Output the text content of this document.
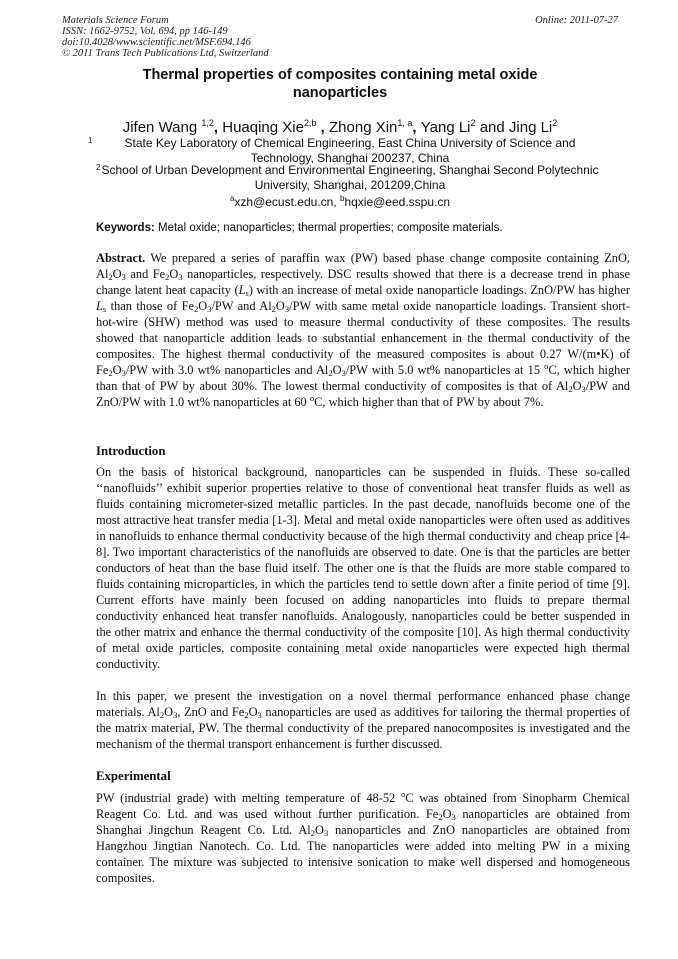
Materials Science Forum
ISSN: 1662-9752, Vol. 694, pp 146-149
doi:10.4028/www.scientific.net/MSF.694.146
© 2011 Trans Tech Publications Ltd, Switzerland
Online: 2011-07-27
Thermal properties of composites containing metal oxide
nanoparticles
Jifen Wang $^{1,2}$, Huaqing Xie$^{2,b}$ , Zhong Xin$^{1, a}$, Yang Li$^2$ and Jing Li$^2$
1	State Key Laboratory of Chemical Engineering, East China University of Science and
Technology, Shanghai 200237, China
2 School of Urban Development and Environmental Engineering, Shanghai Second Polytechnic
University, Shanghai, 201209,China
$^a$xzh@ecust.edu.cn, $^b$hqxie@eed.sspu.cn
Keywords: Metal oxide; nanoparticles; thermal properties; composite materials.
Abstract. We prepared a series of paraffin wax (PW) based phase change composite containing ZnO, $Al_2O_3$ and $Fe_2O_3$ nanoparticles, respectively. DSC results showed that there is a decrease trend in phase change latent heat capacity $(L_s)$ with an increase of metal oxide nanoparticle loadings. ZnO/PW has higher $L_s$ than those of $Fe_2O_3/PW$ and $Al_2O_3/PW$ with same metal oxide nanoparticle loadings. Transient short-hot-wire (SHW) method was used to measure thermal conductivity of these composites. The results showed that nanoparticle addition leads to substantial enhancement in the thermal conductivity of the composites. The highest thermal conductivity of the measured composites is about 0.27 W/(m•K) of $Fe_2O_3/PW$ with 3.0 wt% nanoparticles and $Al_2O_3/PW$ with 5.0 wt% nanoparticles at 15 $^o$C, which higher than that of PW by about 30%. The lowest thermal conductivity of composites is that of $Al_2O_3/PW$ and ZnO/PW with 1.0 wt% nanoparticles at 60 $^o$C, which higher than that of PW by about 7%.
Introduction
On the basis of historical background, nanoparticles can be suspended in fluids. These so-called ‘‘nanofluids’’ exhibit superior properties relative to those of conventional heat transfer fluids as well as fluids containing micrometer-sized metallic particles. In the past decade, nanofluids become one of the most attractive heat transfer media [1-3]. Metal and metal oxide nanoparticles were often used as additives in nanofluids to enhance thermal conductivity because of the high thermal conductivity and cheap price [4-8]. Two important characteristics of the nanofluids are observed to date. One is that the particles are better conductors of heat than the base fluid itself. The other one is that the fluids are more stable compared to fluids containing microparticles, in which the particles tend to settle down after a finite period of time [9]. Current efforts have mainly been focused on adding nanoparticles into fluids to prepare thermal conductivity enhanced heat transfer nanofluids. Analogously, nanoparticles could be better suspended in the other matrix and enhance the thermal conductivity of the composite [10]. As high thermal conductivity of metal oxide particles, composite containing metal oxide nanoparticles were expected high thermal conductivity.
In this paper, we present the investigation on a novel thermal performance enhanced phase change materials. $Al_2O_3$, ZnO and $Fe_2O_3$ nanoparticles are used as additives for tailoring the thermal properties of the matrix material, PW. The thermal conductivity of the prepared nanocomposites is investigated and the mechanism of the thermal transport enhancement is further discussed.
Experimental
PW (industrial grade) with melting temperature of 48-52 $^o$C was obtained from Sinopharm Chemical Reagent Co. Ltd. and was used without further purification. $Fe_2O_3$ nanoparticles are obtained from Shanghai Jingchun Reagent Co. Ltd. $Al_2O_3$ nanoparticles and ZnO nanoparticles are obtained from Hangzhou Jingtian Nanotech. Co. Ltd. The nanoparticles were added into melting PW in a mixing container. The mixture was subjected to intensive sonication to make well dispersed and homogeneous composites.
